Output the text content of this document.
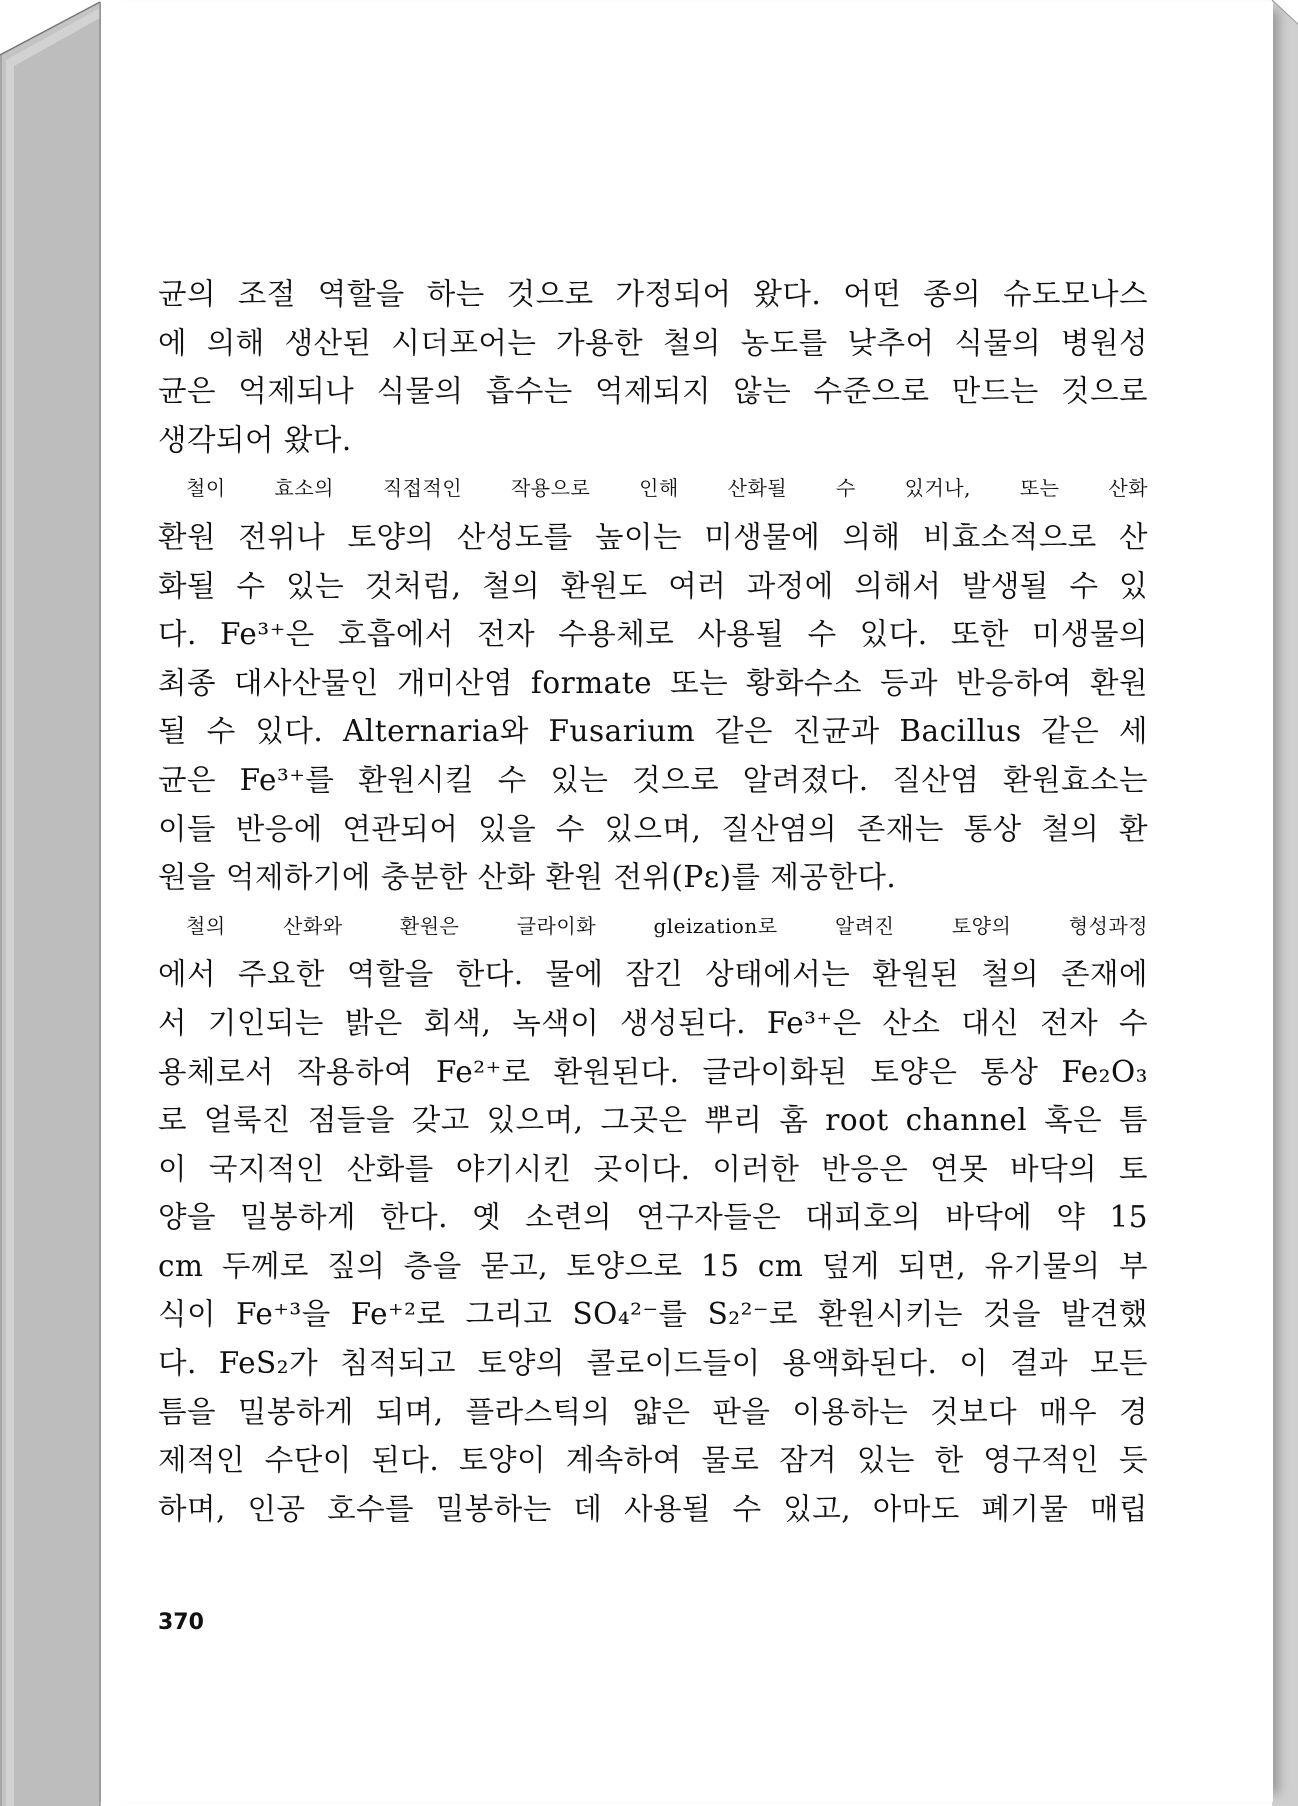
균의 조절 역할을 하는 것으로 가정되어 왔다. 어떤 종의 슈도모나스
에 의해 생산된 시더포어는 가용한 철의 농도를 낮추어 식물의 병원성
균은 억제되나 식물의 흡수는 억제되지 않는 수준으로 만드는 것으로
생각되어 왔다.
철이 효소의 직접적인 작용으로 인해 산화될 수 있거나, 또는 산화
환원 전위나 토양의 산성도를 높이는 미생물에 의해 비효소적으로 산
화될 수 있는 것처럼, 철의 환원도 여러 과정에 의해서 발생될 수 있
다. Fe³⁺은 호흡에서 전자 수용체로 사용될 수 있다. 또한 미생물의
최종 대사산물인 개미산염 formate 또는 황화수소 등과 반응하여 환원
될 수 있다. Alternaria와 Fusarium 같은 진균과 Bacillus 같은 세
균은 Fe³⁺를 환원시킬 수 있는 것으로 알려졌다. 질산염 환원효소는
이들 반응에 연관되어 있을 수 있으며, 질산염의 존재는 통상 철의 환
원을 억제하기에 충분한 산화 환원 전위(Pε)를 제공한다.
철의 산화와 환원은 글라이화 gleization로 알려진 토양의 형성과정
에서 주요한 역할을 한다. 물에 잠긴 상태에서는 환원된 철의 존재에
서 기인되는 밝은 회색, 녹색이 생성된다. Fe³⁺은 산소 대신 전자 수
용체로서 작용하여 Fe²⁺로 환원된다. 글라이화된 토양은 통상 Fe₂O₃
로 얼룩진 점들을 갖고 있으며, 그곳은 뿌리 홈 root channel 혹은 틈
이 국지적인 산화를 야기시킨 곳이다. 이러한 반응은 연못 바닥의 토
양을 밀봉하게 한다. 옛 소련의 연구자들은 대피호의 바닥에 약 15
cm 두께로 짚의 층을 묻고, 토양으로 15 cm 덮게 되면, 유기물의 부
식이 Fe⁺³을 Fe⁺²로 그리고 SO₄²⁻를 S₂²⁻로 환원시키는 것을 발견했
다. FeS₂가 침적되고 토양의 콜로이드들이 용액화된다. 이 결과 모든
틈을 밀봉하게 되며, 플라스틱의 얇은 판을 이용하는 것보다 매우 경
제적인 수단이 된다. 토양이 계속하여 물로 잠겨 있는 한 영구적인 듯
하며, 인공 호수를 밀봉하는 데 사용될 수 있고, 아마도 폐기물 매립
370
